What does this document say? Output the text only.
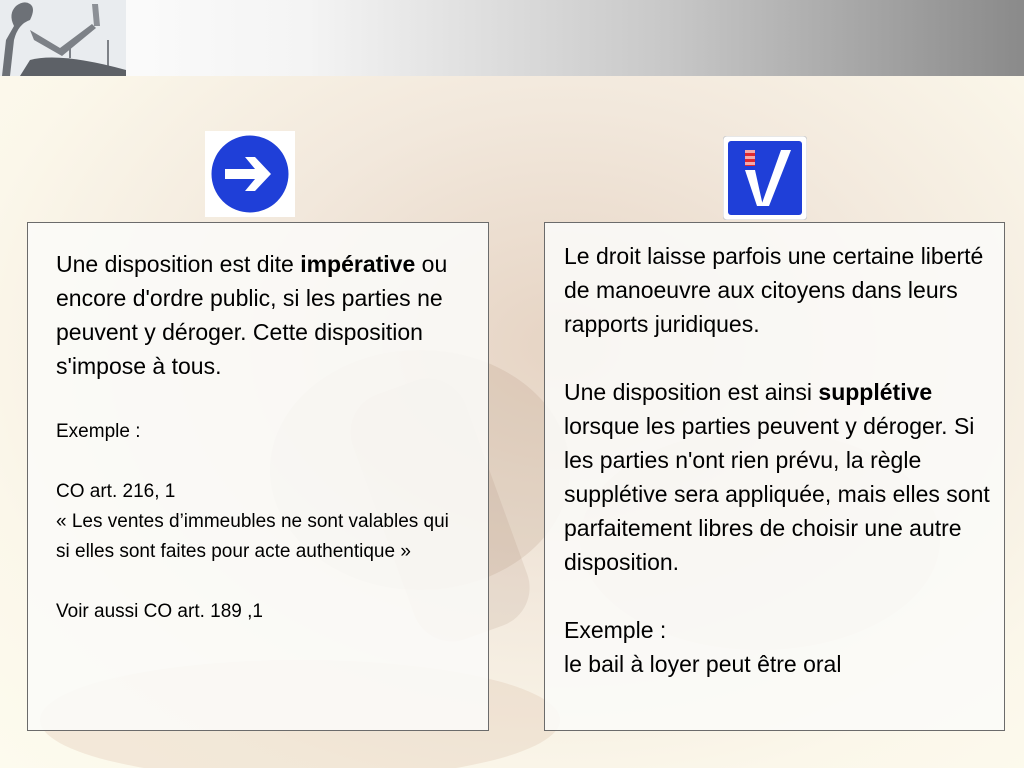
Une disposition est dite impérative ou encore d'ordre public, si les parties ne peuvent y déroger. Cette disposition s'impose à tous.

Exemple :

CO art. 216, 1

« Les ventes d’immeubles ne sont valables qui si elles sont faites pour acte authentique »

Voir aussi CO art. 189 ,1

Le droit laisse parfois une certaine liberté de manoeuvre aux citoyens dans leurs rapports juridiques.

Une disposition est ainsi supplétive lorsque les parties peuvent y déroger. Si les parties n'ont rien prévu, la règle supplétive sera appliquée, mais elles sont parfaitement libres de choisir une autre disposition.

Exemple :

le bail à loyer peut être oral
